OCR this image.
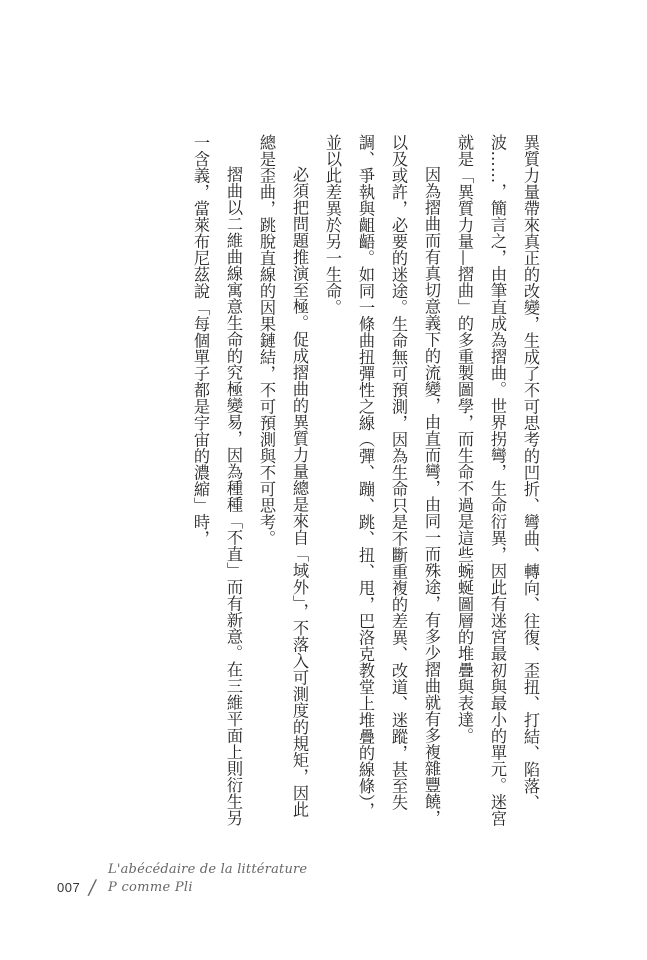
異質力量帶來真正的改變，生成了不可思考的凹折、彎曲、轉向、往復、歪扭、打結、陷落、波……，簡言之，由筆直成為摺曲。世界拐彎，生命衍異，因此有迷宮最初與最小的單元。迷宮就是「異質力量—摺曲」的多重製圖學，而生命不過是這些蜿蜒圖層的堆疊與表達。

因為摺曲而有真切意義下的流變，由直而彎，由同一而殊途，有多少摺曲就有多複雜豐饒，以及或許，必要的迷途。生命無可預測，因為生命只是不斷重複的差異、改道、迷蹤，甚至失調、爭執與齟齬。如同一條曲扭彈性之線（彈、蹦、跳、扭、甩，巴洛克教堂上堆疊的線條），並以此差異於另一生命。

必須把問題推演至極。促成摺曲的異質力量總是來自「域外」，不落入可測度的規矩，因此總是歪曲，跳脫直線的因果鏈結，不可預測與不可思考。

摺曲以二維曲線寓意生命的究極變易，因為種種「不直」而有新意。在三維平面上則衍生另一含義，當萊布尼茲說「每個單子都是宇宙的濃縮」時，

007 /
L'abécédaire de la littérature
P comme Pli
